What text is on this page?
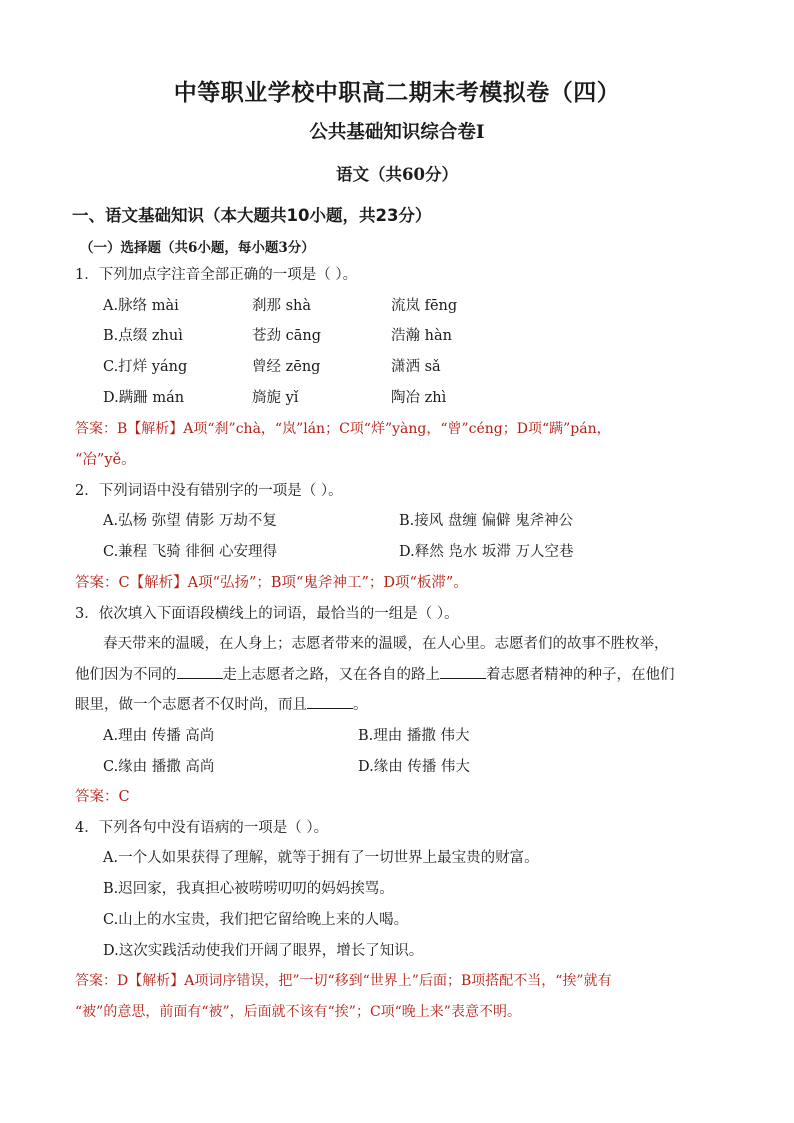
中等职业学校中职高二期末考模拟卷（四）
公共基础知识综合卷Ⅰ
语文（共60分）
一、语文基础知识（本大题共10小题，共23分）
（一）选择题（共6小题，每小题3分）
1．下列加点字注音全部正确的一项是（ ）。
A.脉络 mài	刹那 shà	流岚 fēng
B.点缀 zhuì	苍劲 cāng	浩瀚 hàn
C.打烊 yáng	曾经 zēng	潇洒 sǎ
D.蹒跚 mán	旖旎 yǐ	陶冶 zhì
答案：B【解析】A项“刹”chà，“岚”lán；C项“烊”yàng，“曾”céng；D项“蹒”pán，
“冶”yě。
2．下列词语中没有错别字的一项是（ ）。
A.弘杨 弥望 倩影 万劫不复	B.接风 盘缠 偏僻 鬼斧神公
C.兼程 飞骑 徘徊 心安理得	D.释然 凫水 坂滞 万人空巷
答案：C【解析】A项“弘扬”；B项“鬼斧神工”；D项“板滞”。
3．依次填入下面语段横线上的词语，最恰当的一组是（ ）。
春天带来的温暖，在人身上；志愿者带来的温暖，在人心里。志愿者们的故事不胜枚举，
他们因为不同的	走上志愿者之路，又在各自的路上	着志愿者精神的种子，在他们
眼里，做一个志愿者不仅时尚，而且	。
A.理由 传播 高尚	B.理由 播撒 伟大
C.缘由 播撒 高尚	D.缘由 传播 伟大
答案：C
4．下列各句中没有语病的一项是（ ）。
A.一个人如果获得了理解，就等于拥有了一切世界上最宝贵的财富。
B.迟回家，我真担心被唠唠叨叨的妈妈挨骂。
C.山上的水宝贵，我们把它留给晚上来的人喝。
D.这次实践活动使我们开阔了眼界，增长了知识。
答案：D【解析】A项词序错误，把”一切“移到“世界上”后面；B项搭配不当，“挨”就有
“被”的意思，前面有“被”，后面就不该有“挨”；C项“晚上来”表意不明。
